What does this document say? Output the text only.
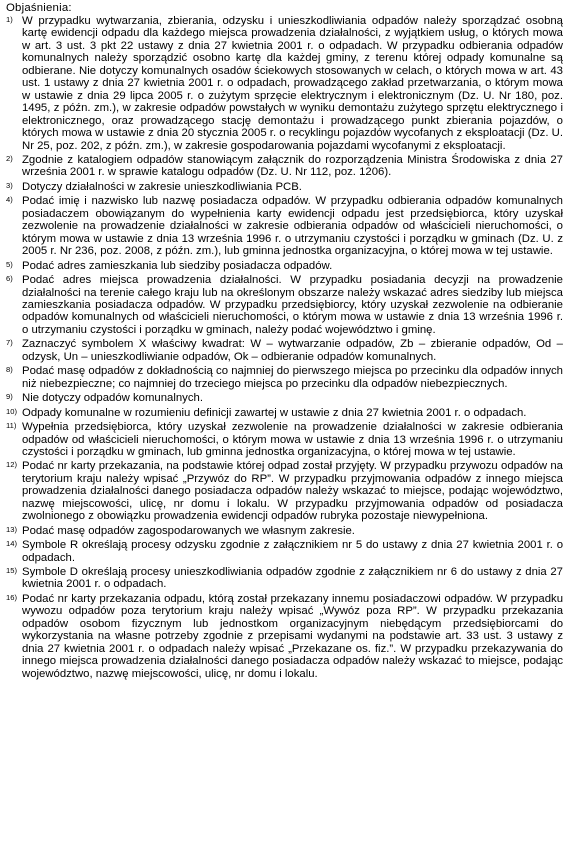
Objaśnienia:
1) W przypadku wytwarzania, zbierania, odzysku i unieszkodliwiania odpadów należy sporządzać osobną kartę ewidencji odpadu dla każdego miejsca prowadzenia działalności, z wyjątkiem usług, o których mowa w art. 3 ust. 3 pkt 22 ustawy z dnia 27 kwietnia 2001 r. o odpadach. W przypadku odbierania odpadów komunalnych należy sporządzić osobno kartę dla każdej gminy, z terenu której odpady komunalne są odbierane. Nie dotyczy komunalnych osadów ściekowych stosowanych w celach, o których mowa w art. 43 ust. 1 ustawy z dnia 27 kwietnia 2001 r. o odpadach, prowadzącego zakład przetwarzania, o którym mowa w ustawie z dnia 29 lipca 2005 r. o zużytym sprzęcie elektrycznym i elektronicznym (Dz. U. Nr 180, poz. 1495, z późn. zm.), w zakresie odpadów powstałych w wyniku demontażu zużytego sprzętu elektrycznego i elektronicznego, oraz prowadzącego stację demontażu i prowadzącego punkt zbierania pojazdów, o których mowa w ustawie z dnia 20 stycznia 2005 r. o recyklingu pojazdów wycofanych z eksploatacji (Dz. U. Nr 25, poz. 202, z późn. zm.), w zakresie gospodarowania pojazdami wycofanymi z eksploatacji.

2) Zgodnie z katalogiem odpadów stanowiącym załącznik do rozporządzenia Ministra Środowiska z dnia 27 września 2001 r. w sprawie katalogu odpadów (Dz. U. Nr 112, poz. 1206).

3) Dotyczy działalności w zakresie unieszkodliwiania PCB.

4) Podać imię i nazwisko lub nazwę posiadacza odpadów. W przypadku odbierania odpadów komunalnych posiadaczem obowiązanym do wypełnienia karty ewidencji odpadu jest przedsiębiorca, który uzyskał zezwolenie na prowadzenie działalności w zakresie odbierania odpadów od właścicieli nieruchomości, o którym mowa w ustawie z dnia 13 września 1996 r. o utrzymaniu czystości i porządku w gminach (Dz. U. z 2005 r. Nr 236, poz. 2008, z późn. zm.), lub gminna jednostka organizacyjna, o której mowa w tej ustawie.

5) Podać adres zamieszkania lub siedziby posiadacza odpadów.

6) Podać adres miejsca prowadzenia działalności. W przypadku posiadania decyzji na prowadzenie działalności na terenie całego kraju lub na określonym obszarze należy wskazać adres siedziby lub miejsca zamieszkania posiadacza odpadów. W przypadku przedsiębiorcy, który uzyskał zezwolenie na odbieranie odpadów komunalnych od właścicieli nieruchomości, o którym mowa w ustawie z dnia 13 września 1996 r. o utrzymaniu czystości i porządku w gminach, należy podać województwo i gminę.

7) Zaznaczyć symbolem X właściwy kwadrat: W – wytwarzanie odpadów, Zb – zbieranie odpadów, Od – odzysk, Un – unieszkodliwianie odpadów, Ok – odbieranie odpadów komunalnych.

8) Podać masę odpadów z dokładnością co najmniej do pierwszego miejsca po przecinku dla odpadów innych niż niebezpieczne; co najmniej do trzeciego miejsca po przecinku dla odpadów niebezpiecznych.

9) Nie dotyczy odpadów komunalnych.

10) Odpady komunalne w rozumieniu definicji zawartej w ustawie z dnia 27 kwietnia 2001 r. o odpadach.

11) Wypełnia przedsiębiorca, który uzyskał zezwolenie na prowadzenie działalności w zakresie odbierania odpadów od właścicieli nieruchomości, o którym mowa w ustawie z dnia 13 września 1996 r. o utrzymaniu czystości i porządku w gminach, lub gminna jednostka organizacyjna, o której mowa w tej ustawie.

12) Podać nr karty przekazania, na podstawie której odpad został przyjęty. W przypadku przywozu odpadów na terytorium kraju należy wpisać „Przywóz do RP”. W przypadku przyjmowania odpadów z innego miejsca prowadzenia działalności danego posiadacza odpadów należy wskazać to miejsce, podając województwo, nazwę miejscowości, ulicę, nr domu i lokalu. W przypadku przyjmowania odpadów od posiadacza zwolnionego z obowiązku prowadzenia ewidencji odpadów rubryka pozostaje niewypełniona.

13) Podać masę odpadów zagospodarowanych we własnym zakresie.

14) Symbole R określają procesy odzysku zgodnie z załącznikiem nr 5 do ustawy z dnia 27 kwietnia 2001 r. o odpadach.

15) Symbole D określają procesy unieszkodliwiania odpadów zgodnie z załącznikiem nr 6 do ustawy z dnia 27 kwietnia 2001 r. o odpadach.

16) Podać nr karty przekazania odpadu, którą został przekazany innemu posiadaczowi odpadów. W przypadku wywozu odpadów poza terytorium kraju należy wpisać „Wywóz poza RP”. W przypadku przekazania odpadów osobom fizycznym lub jednostkom organizacyjnym niebędącym przedsiębiorcami do wykorzystania na własne potrzeby zgodnie z przepisami wydanymi na podstawie art. 33 ust. 3 ustawy z dnia 27 kwietnia 2001 r. o odpadach należy wpisać „Przekazane os. fiz.”. W przypadku przekazywania do innego miejsca prowadzenia działalności danego posiadacza odpadów należy wskazać to miejsce, podając województwo, nazwę miejscowości, ulicę, nr domu i lokalu.
